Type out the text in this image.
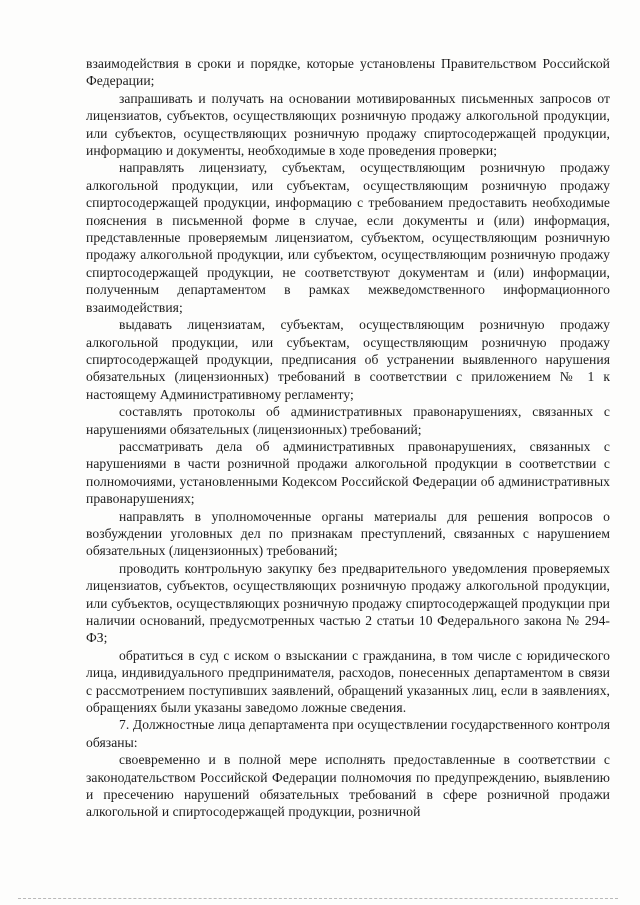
взаимодействия в сроки и порядке, которые установлены Правительством Российской Федерации;

запрашивать и получать на основании мотивированных письменных запросов от лицензиатов, субъектов, осуществляющих розничную продажу алкогольной продукции, или субъектов, осуществляющих розничную продажу спиртосодержащей продукции, информацию и документы, необходимые в ходе проведения проверки;

направлять лицензиату, субъектам, осуществляющим розничную продажу алкогольной продукции, или субъектам, осуществляющим розничную продажу спиртосодержащей продукции, информацию с требованием предоставить необходимые пояснения в письменной форме в случае, если документы и (или) информация, представленные проверяемым лицензиатом, субъектом, осуществляющим розничную продажу алкогольной продукции, или субъектом, осуществляющим розничную продажу спиртосодержащей продукции, не соответствуют документам и (или) информации, полученным департаментом в рамках межведомственного информационного взаимодействия;

выдавать лицензиатам, субъектам, осуществляющим розничную продажу алкогольной продукции, или субъектам, осуществляющим розничную продажу спиртосодержащей продукции, предписания об устранении выявленного нарушения обязательных (лицензионных) требований в соответствии с приложением № 1 к настоящему Административному регламенту;

составлять протоколы об административных правонарушениях, связанных с нарушениями обязательных (лицензионных) требований;

рассматривать дела об административных правонарушениях, связанных с нарушениями в части розничной продажи алкогольной продукции в соответствии с полномочиями, установленными Кодексом Российской Федерации об административных правонарушениях;

направлять в уполномоченные органы материалы для решения вопросов о возбуждении уголовных дел по признакам преступлений, связанных с нарушением обязательных (лицензионных) требований;

проводить контрольную закупку без предварительного уведомления проверяемых лицензиатов, субъектов, осуществляющих розничную продажу алкогольной продукции, или субъектов, осуществляющих розничную продажу спиртосодержащей продукции при наличии оснований, предусмотренных частью 2 статьи 10 Федерального закона № 294-ФЗ;

обратиться в суд с иском о взыскании с гражданина, в том числе с юридического лица, индивидуального предпринимателя, расходов, понесенных департаментом в связи с рассмотрением поступивших заявлений, обращений указанных лиц, если в заявлениях, обращениях были указаны заведомо ложные сведения.

7. Должностные лица департамента при осуществлении государственного контроля обязаны:

своевременно и в полной мере исполнять предоставленные в соответствии с законодательством Российской Федерации полномочия по предупреждению, выявлению и пресечению нарушений обязательных требований в сфере розничной продажи алкогольной и спиртосодержащей продукции, розничной
